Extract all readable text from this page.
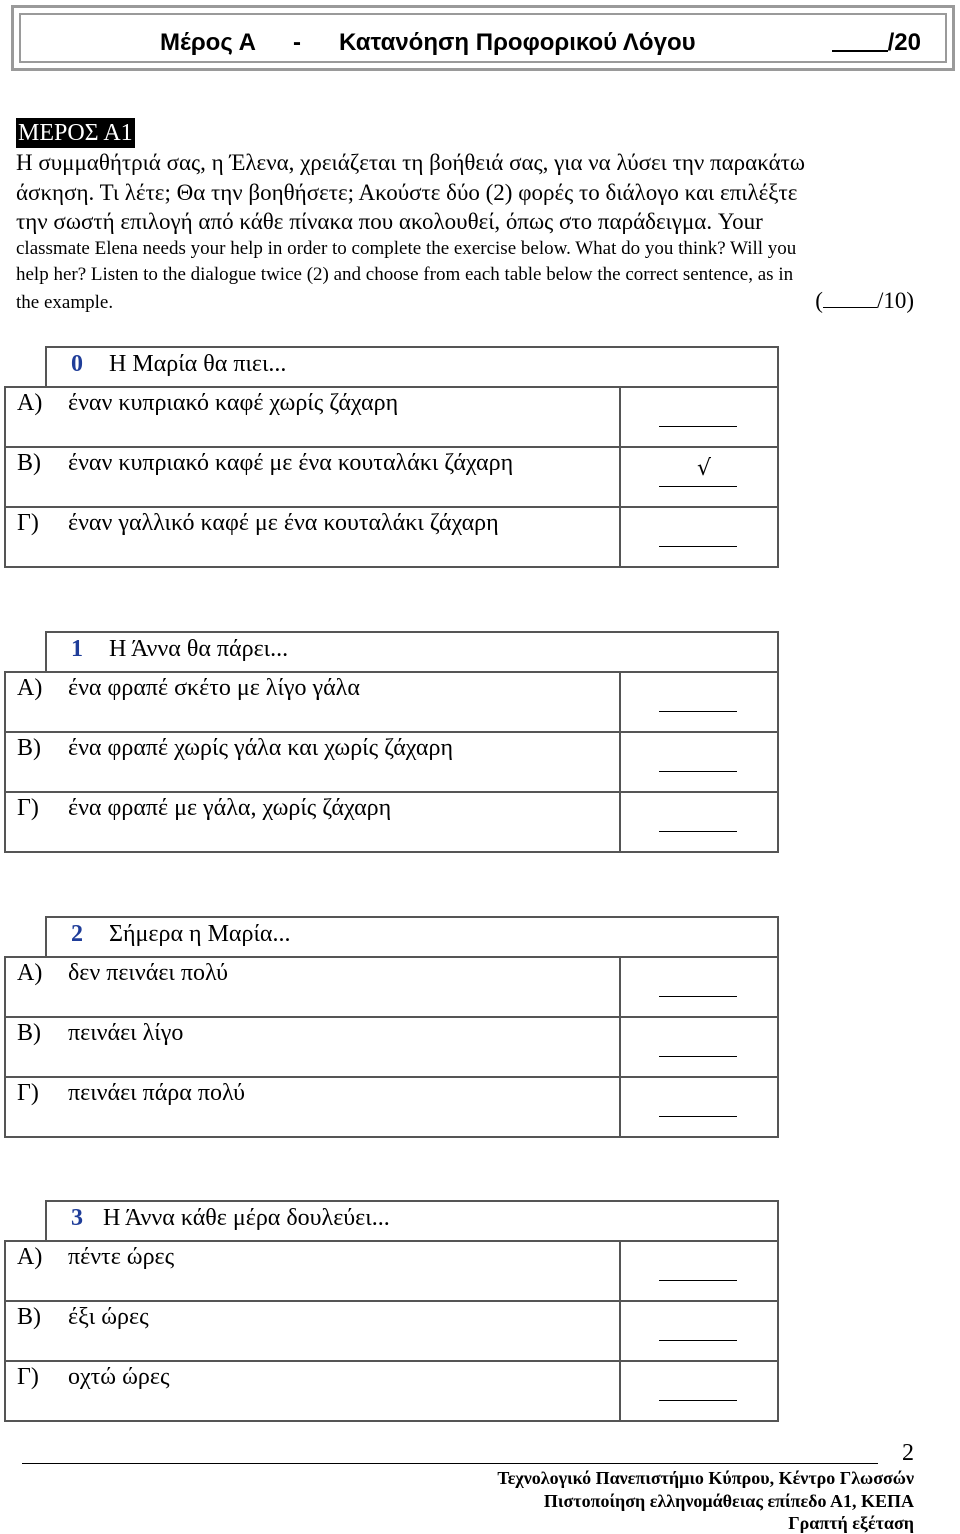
Μέρος Α - Κατανόηση Προφορικού Λόγου	/20
ΜΕΡΟΣ Α1
Η συμμαθήτριά σας, η Έλενα, χρειάζεται τη βοήθειά σας, για να λύσει την παρακάτω
άσκηση. Τι λέτε; Θα την βοηθήσετε; Ακούστε δύο (2) φορές το διάλογο και επιλέξτε
την σωστή επιλογή από κάθε πίνακα που ακολουθεί, όπως στο παράδειγμα. Your
classmate Elena needs your help in order to complete the exercise below. What do you think? Will you
help her? Listen to the dialogue twice (2) and choose from each table below the correct sentence, as in
the example.	( /10)

	0 Η Μαρία θα πιει...	

Α) έναν κυπριακό καφέ χωρίς ζάχαρη		

Β) έναν κυπριακό καφέ με ένα κουταλάκι ζάχαρη		√

Γ) έναν γαλλικό καφέ με ένα κουταλάκι ζάχαρη		

	1 Η Άννα θα πάρει...	

Α) ένα φραπέ σκέτο με λίγο γάλα		

Β) ένα φραπέ χωρίς γάλα και χωρίς ζάχαρη		

Γ) ένα φραπέ με γάλα, χωρίς ζάχαρη		

	2 Σήμερα η Μαρία...	

Α) δεν πεινάει πολύ		

Β) πεινάει λίγο		

Γ) πεινάει πάρα πολύ		

	3 Η Άννα κάθε μέρα δουλεύει...	

Α) πέντε ώρες		

Β) έξι ώρες		

Γ) οχτώ ώρες		

2
Τεχνολογικό Πανεπιστήμιο Κύπρου, Κέντρο Γλωσσών
Πιστοποίηση ελληνομάθειας επίπεδο Α1, ΚΕΠΑ
Γραπτή εξέταση
